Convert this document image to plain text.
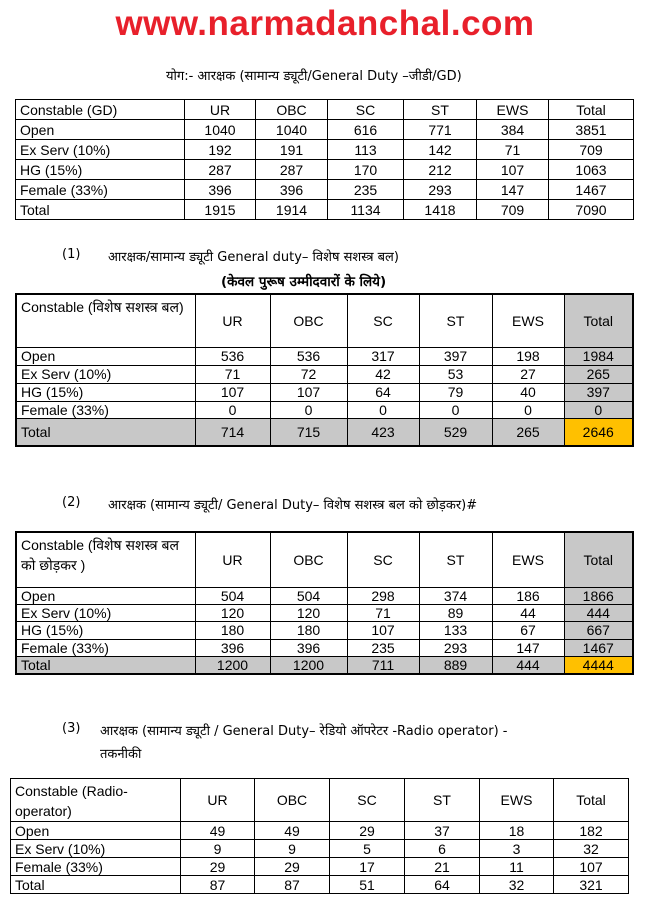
www.narmadanchal.com
योग:- आरक्षक (सामान्य ड्यूटी/General Duty –जीडी/GD)
Constable (GD)	UR	OBC	SC	ST	EWS	Total
Open	1040	1040	616	771	384	3851
Ex Serv (10%)	192	191	113	142	71	709
HG (15%)	287	287	170	212	107	1063
Female (33%)	396	396	235	293	147	1467
Total	1915	1914	1134	1418	709	7090
(1) आरक्षक/सामान्य ड्यूटी General duty– विशेष सशस्त्र बल)
(केवल पुरूष उम्मीदवारों के लिये)
Constable (विशेष सशस्त्र बल)	UR	OBC	SC	ST	EWS	Total
Open	536	536	317	397	198	1984
Ex Serv (10%)	71	72	42	53	27	265
HG (15%)	107	107	64	79	40	397
Female (33%)	0	0	0	0	0	0
Total	714	715	423	529	265	2646
(2) आरक्षक (सामान्य ड्यूटी/ General Duty– विशेष सशस्त्र बल को छोड़कर)#
Constable (विशेष सशस्त्र बल को छोड़कर )	UR	OBC	SC	ST	EWS	Total
Open	504	504	298	374	186	1866
Ex Serv (10%)	120	120	71	89	44	444
HG (15%)	180	180	107	133	67	667
Female (33%)	396	396	235	293	147	1467
Total	1200	1200	711	889	444	4444
(3) आरक्षक (सामान्य ड्यूटी / General Duty– रेडियो ऑपरेटर -Radio operator) -
तकनीकी
Constable (Radio-operator)	UR	OBC	SC	ST	EWS	Total
Open	49	49	29	37	18	182
Ex Serv (10%)	9	9	5	6	3	32
Female (33%)	29	29	17	21	11	107
Total	87	87	51	64	32	321
